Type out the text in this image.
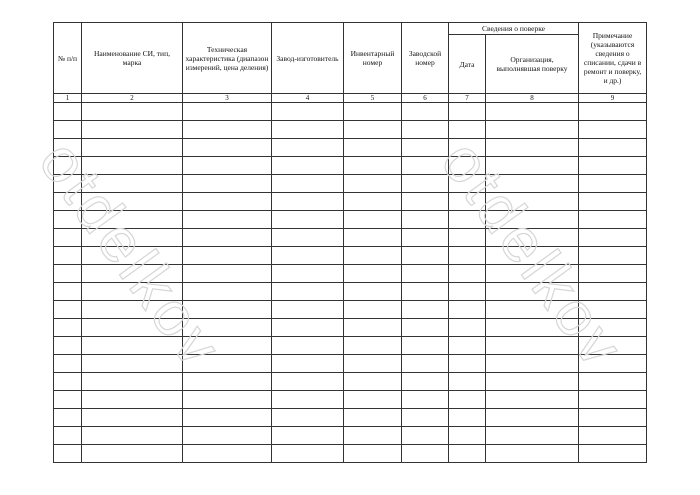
№ п/п	Наименование СИ, тип, марка	Техническая характеристика (диапазон измерений, цена деления)	Завод-изготовитель	Инвентарный номер	Заводской номер	Сведения о поверке		Примечание (указываются сведения о списании, сдачи в ремонт и поверку, и др.)
						Дата	Организация, выполнявшая поверку	
1	2	3	4	5	6	7	8	9

otdelkov	otdelkov
